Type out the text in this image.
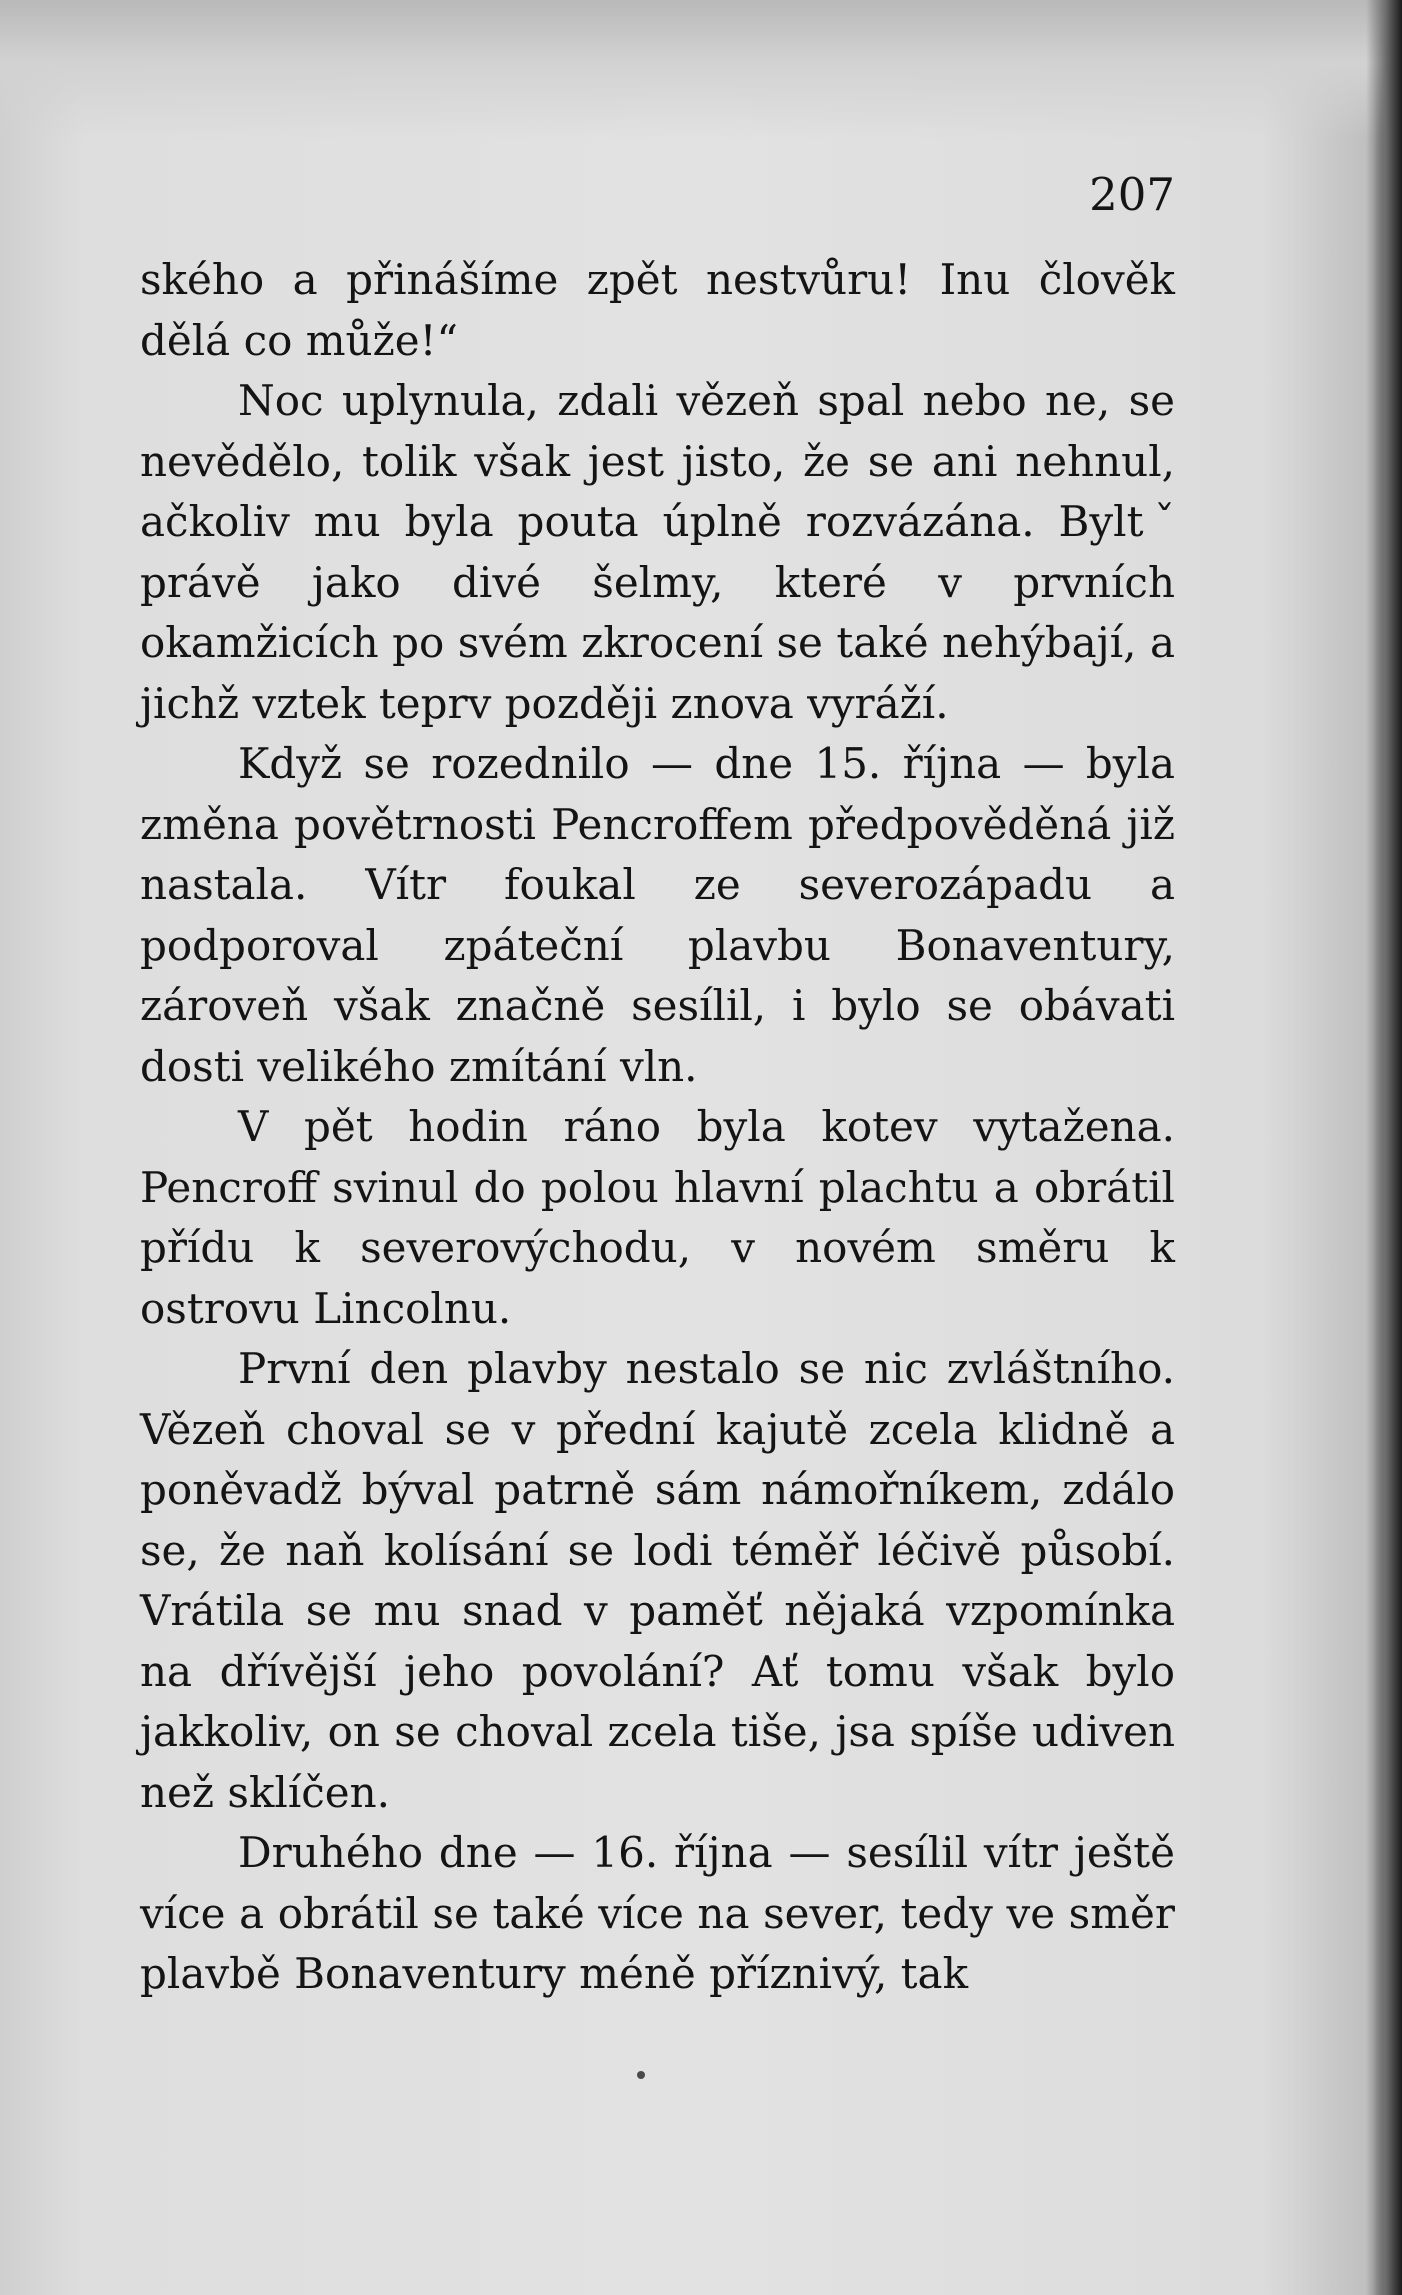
207

ského a přinášíme zpět nestvůru! Inu člověk dělá co může!“

Noc uplynula, zdali vězeň spal nebo ne, se nevědělo, tolik však jest jisto, že se ani nehnul, ačkoliv mu byla pouta úplně rozvázána. Byltˇ právě jako divé šelmy, které v prvních okamžicích po svém zkrocení se také nehýbají, a jichž vztek teprv později znova vyráží.

Když se rozednilo — dne 15. října — byla změna povětrnosti Pencroffem předpověděná již nastala. Vítr foukal ze severozápadu a podporoval zpáteční plavbu Bonaventury, zároveň však značně sesílil, i bylo se obávati dosti velikého zmítání vln.

V pět hodin ráno byla kotev vytažena. Pencroff svinul do polou hlavní plachtu a obrátil přídu k severovýchodu, v novém směru k ostrovu Lincolnu.

První den plavby nestalo se nic zvláštního. Vězeň choval se v přední kajutě zcela klidně a poněvadž býval patrně sám námořníkem, zdálo se, že naň kolísání se lodi téměř léčivě působí. Vrátila se mu snad v paměť nějaká vzpomínka na dřívější jeho povolání? Ať tomu však bylo jakkoliv, on se choval zcela tiše, jsa spíše udiven než sklíčen.

Druhého dne — 16. října — sesílil vítr ještě více a obrátil se také více na sever, tedy ve směr plavbě Bonaventury méně příznivý, tak
